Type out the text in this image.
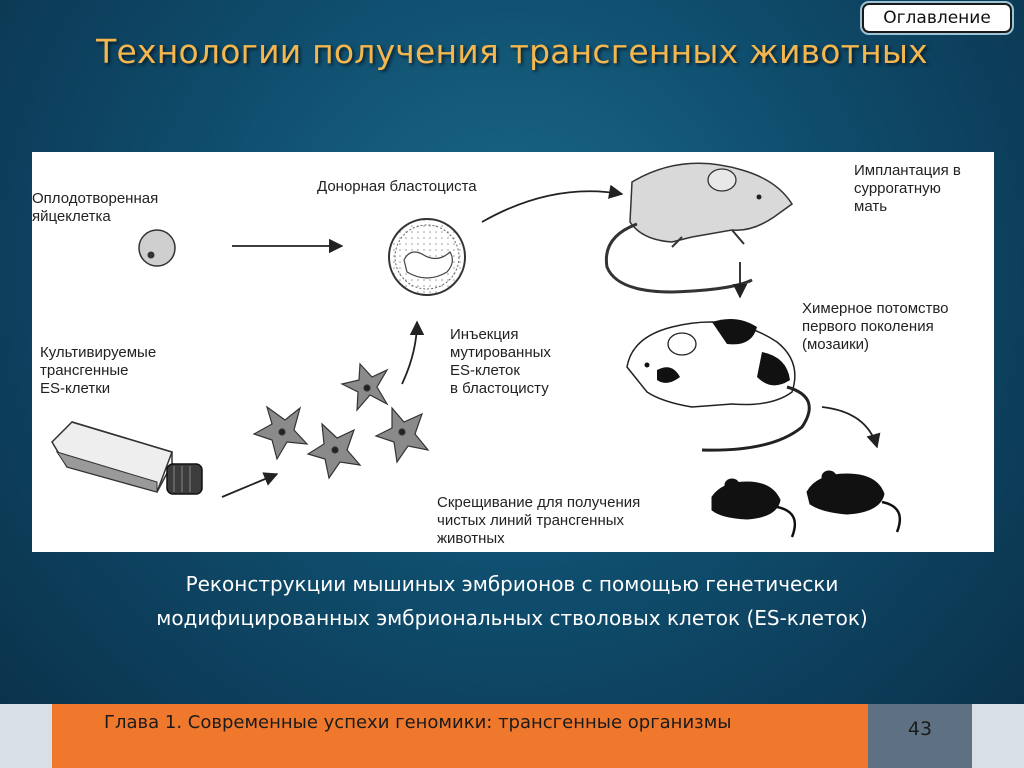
Оглавление
Технологии получения трансгенных животных
Оплодотворенная
яйцеклетка
Донорная бластоциста
Имплантация в
суррогатную
мать
Культивируемые
трансгенные
ES-клетки
Инъекция
мутированных
ES-клеток
в бластоцисту
Химерное потомство
первого поколения
(мозаики)
Скрещивание для получения
чистых линий трансгенных
животных
Реконструкции мышиных эмбрионов с помощью генетически
модифицированных эмбриональных стволовых клеток (ES-клеток)
Глава 1. Современные успехи геномики: трансгенные организмы	43
